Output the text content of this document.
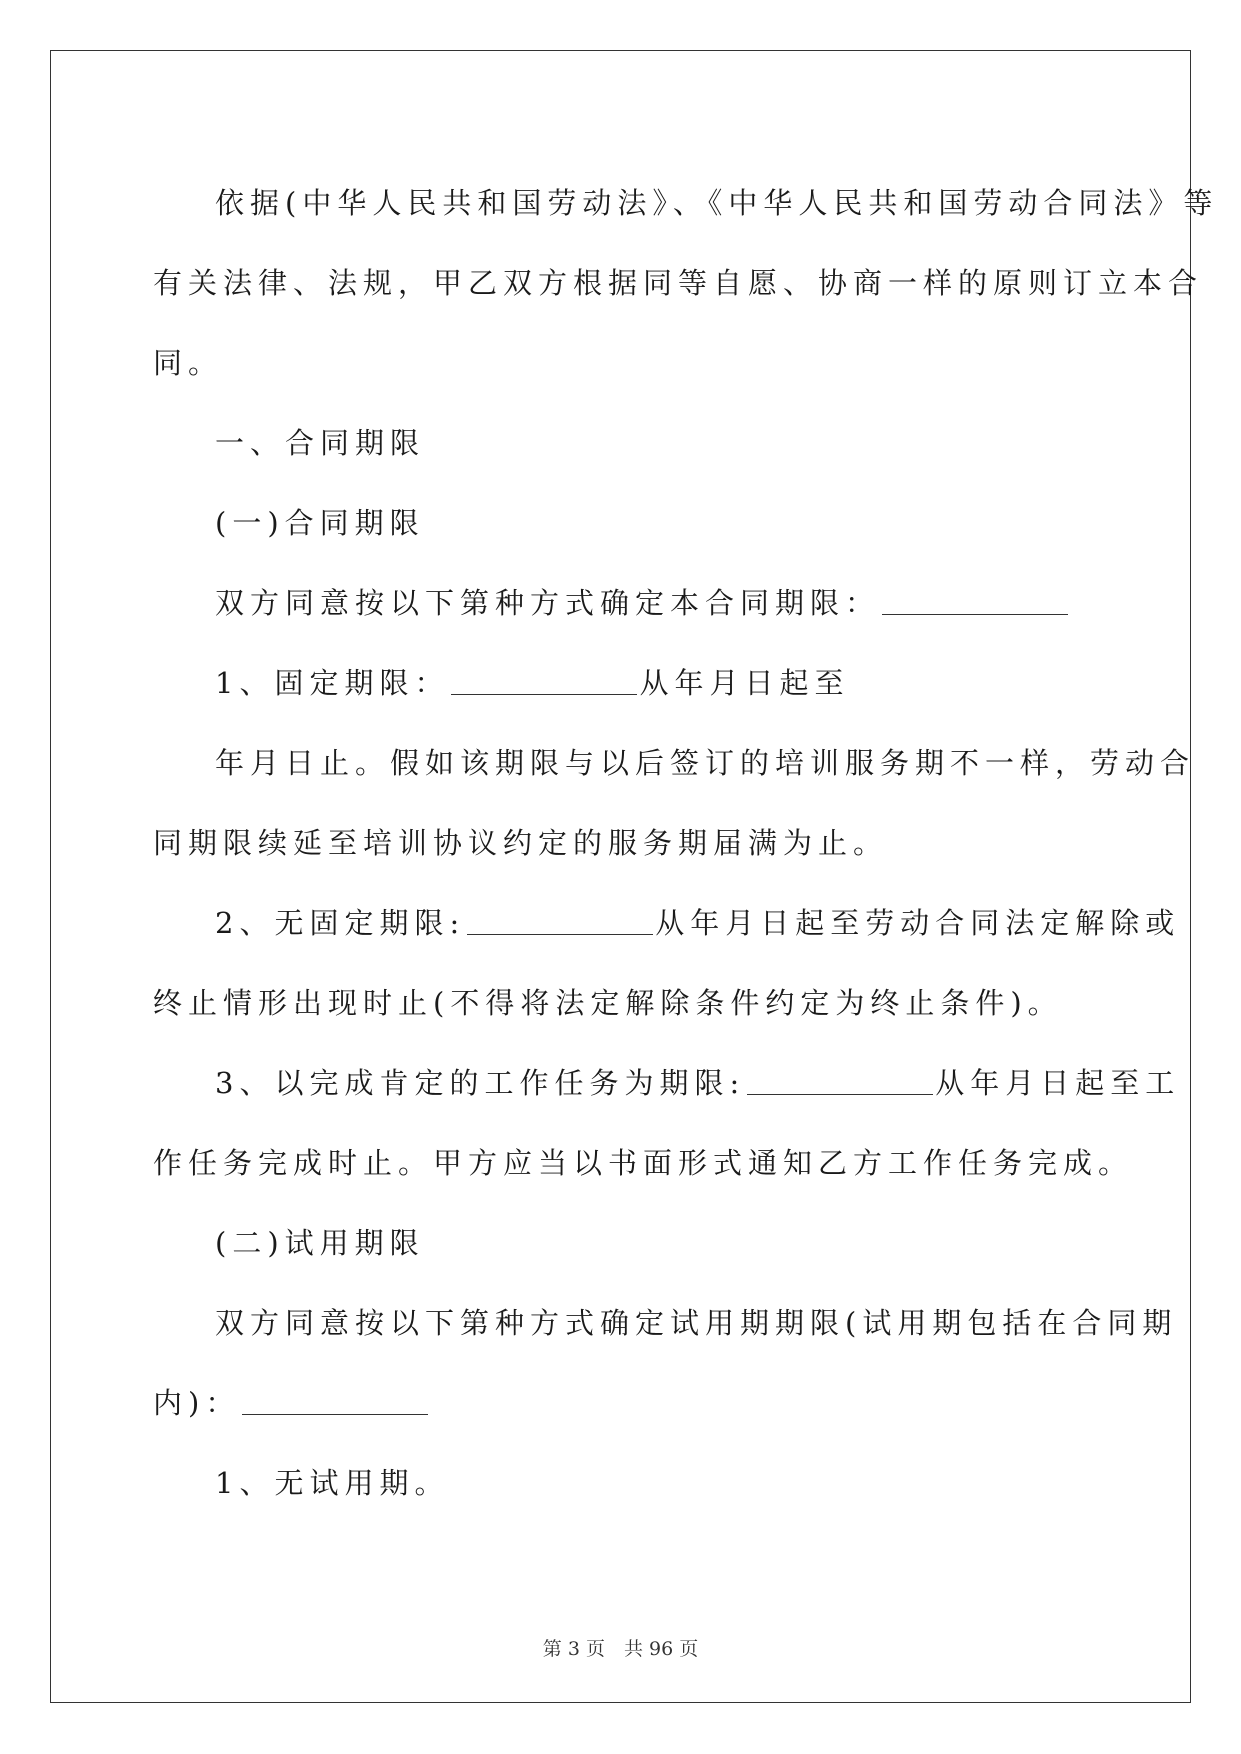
依据(中华人民共和国劳动法》、《中华人民共和国劳动合同法》等

有关法律、法规，甲乙双方根据同等自愿、协商一样的原则订立本合

同。

一、合同期限

(一)合同期限

双方同意按以下第种方式确定本合同期限：

1、固定期限：	从年月日起至

年月日止。假如该期限与以后签订的培训服务期不一样，劳动合

同期限续延至培训协议约定的服务期届满为止。

2、无固定期限:	从年月日起至劳动合同法定解除或

终止情形出现时止(不得将法定解除条件约定为终止条件)。

3、以完成肯定的工作任务为期限:	从年月日起至工

作任务完成时止。甲方应当以书面形式通知乙方工作任务完成。

(二)试用期限

双方同意按以下第种方式确定试用期期限(试用期包括在合同期

内)：

1、无试用期。

第 3 页　共 96 页
